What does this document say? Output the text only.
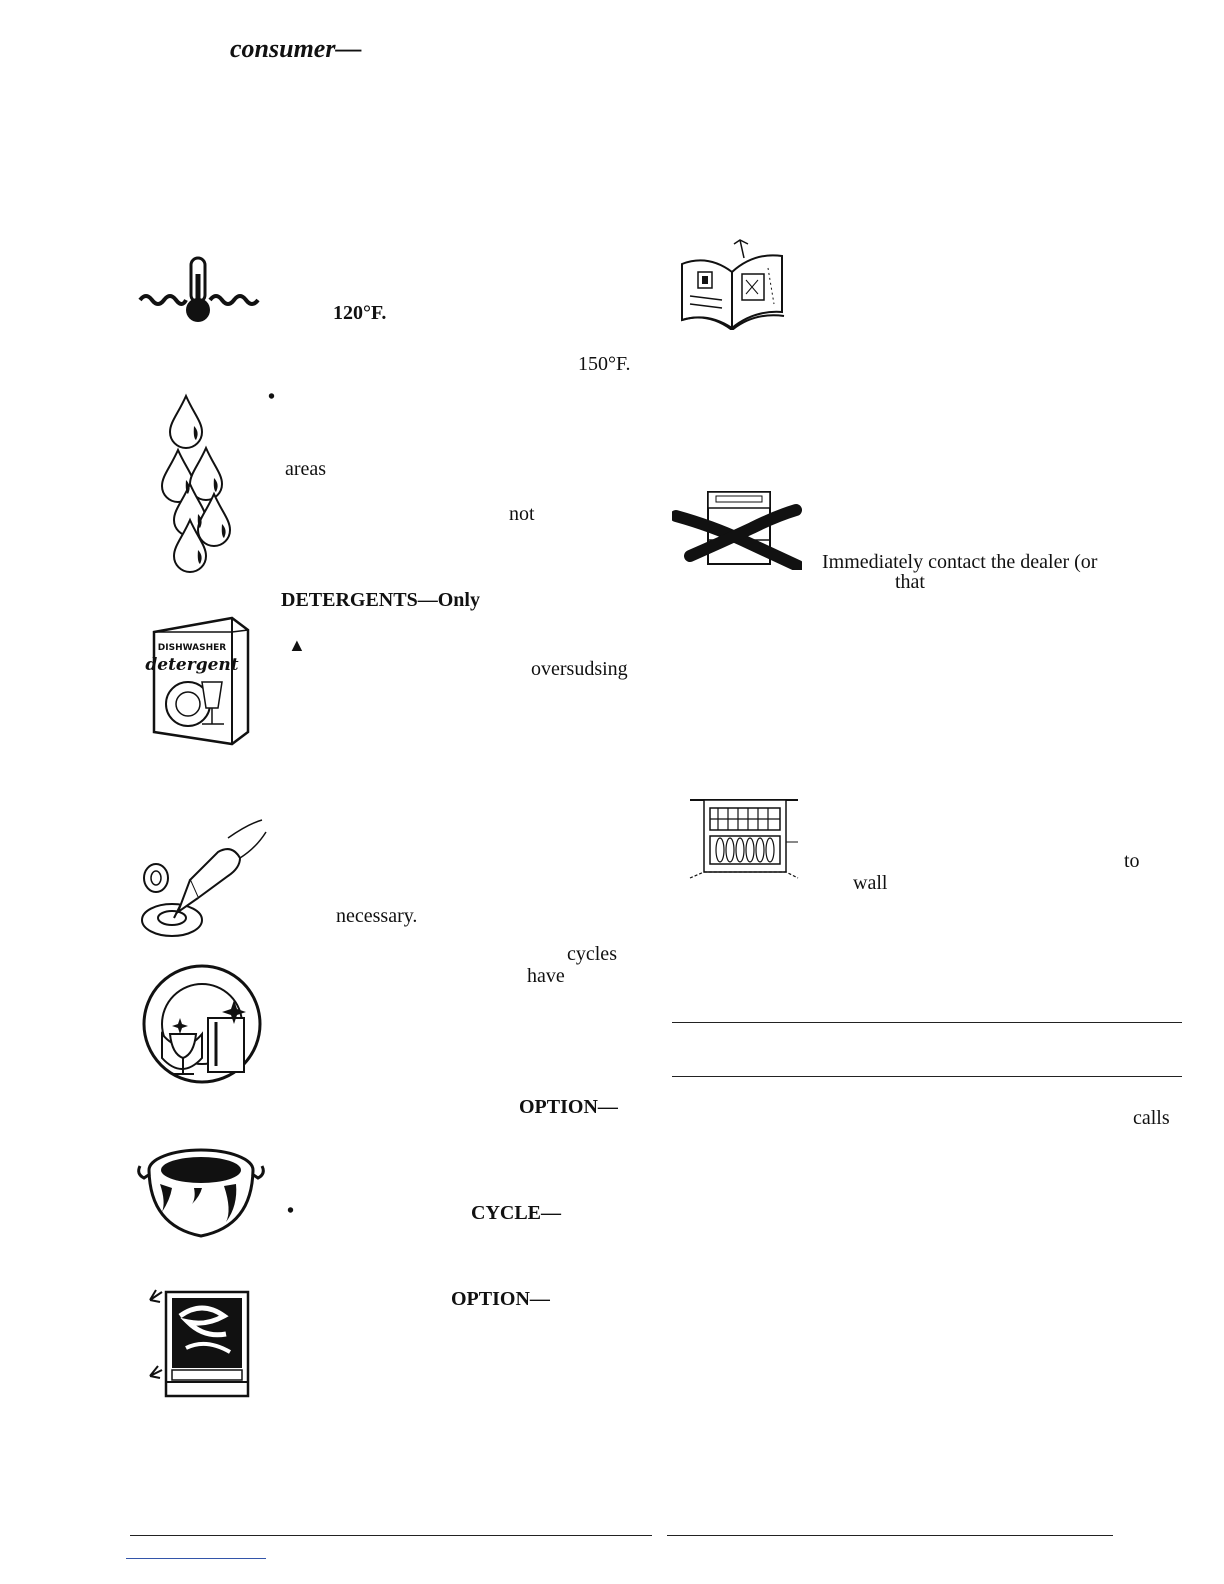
consumer—
120°F.
150°F.
•
areas
not
DETERGENTS—Only
▲
oversudsing
DISHWASHER
detergent
necessary.
cycles
have
OPTION—
•	CYCLE—
OPTION—
Immediately contact the dealer (or
that
to
wall
calls
